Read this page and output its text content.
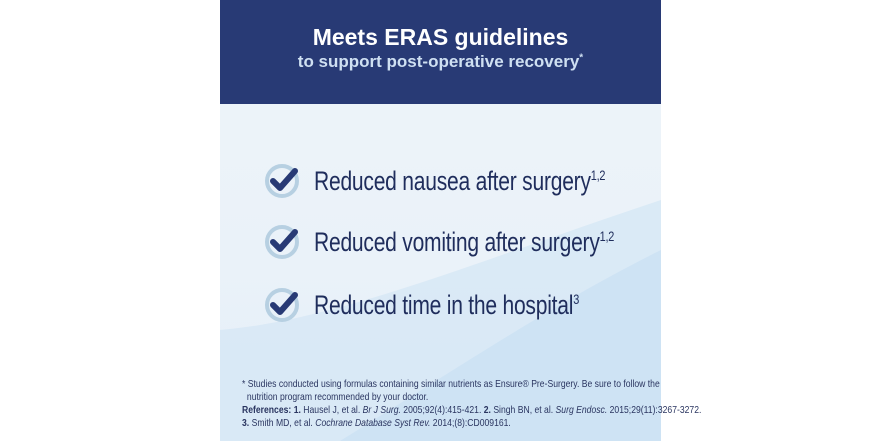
Meets ERAS guidelines
to support post-operative recovery*
Reduced nausea after surgery$^{1,2}$
Reduced vomiting after surgery$^{1,2}$
Reduced time in the hospital$^3$
* Studies conducted using formulas containing similar nutrients as Ensure® Pre-Surgery. Be sure to follow the
nutrition program recommended by your doctor.
References: 1. Hausel J, et al. Br J Surg. 2005;92(4):415-421. 2. Singh BN, et al. Surg Endosc. 2015;29(11):3267-3272.
3. Smith MD, et al. Cochrane Database Syst Rev. 2014;(8):CD009161.
